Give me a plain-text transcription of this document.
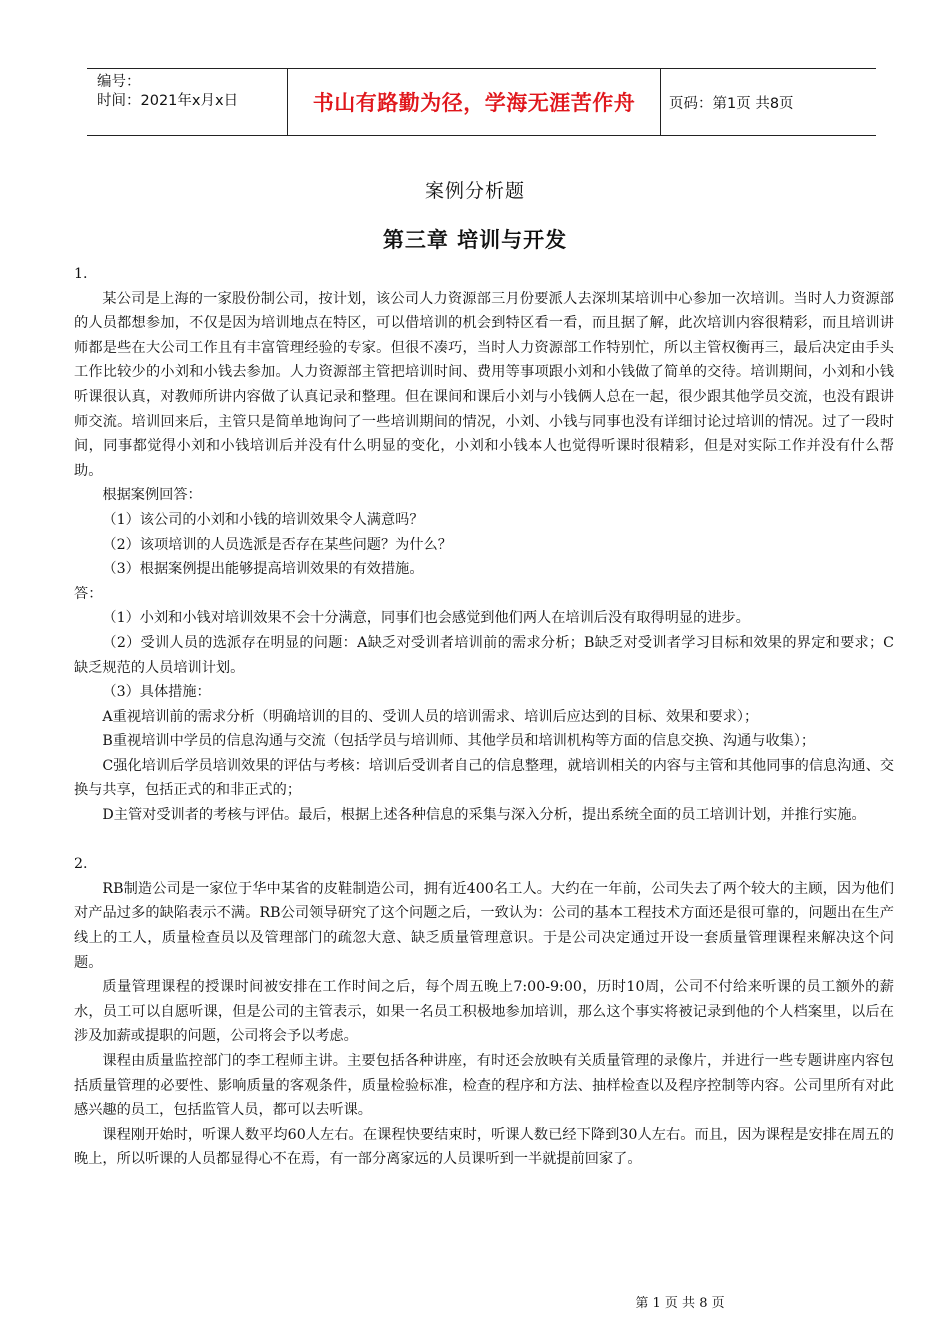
编号：
时间：2021年x月x日	书山有路勤为径，学海无涯苦作舟	页码：第1页 共8页
案例分析题
第三章 培训与开发

1.

某公司是上海的一家股份制公司，按计划，该公司人力资源部三月份要派人去深圳某培训中心参加一次培训。当时人力资源部的人员都想参加，不仅是因为培训地点在特区，可以借培训的机会到特区看一看，而且据了解，此次培训内容很精彩，而且培训讲师都是些在大公司工作且有丰富管理经验的专家。但很不凑巧，当时人力资源部工作特别忙，所以主管权衡再三，最后决定由手头工作比较少的小刘和小钱去参加。人力资源部主管把培训时间、费用等事项跟小刘和小钱做了简单的交待。培训期间，小刘和小钱听课很认真，对教师所讲内容做了认真记录和整理。但在课间和课后小刘与小钱俩人总在一起，很少跟其他学员交流，也没有跟讲师交流。培训回来后，主管只是简单地询问了一些培训期间的情况，小刘、小钱与同事也没有详细讨论过培训的情况。过了一段时间，同事都觉得小刘和小钱培训后并没有什么明显的变化，小刘和小钱本人也觉得听课时很精彩，但是对实际工作并没有什么帮助。

根据案例回答：

（1）该公司的小刘和小钱的培训效果令人满意吗？

（2）该项培训的人员选派是否存在某些问题？为什么？

（3）根据案例提出能够提高培训效果的有效措施。

答：

（1）小刘和小钱对培训效果不会十分满意，同事们也会感觉到他们两人在培训后没有取得明显的进步。

（2）受训人员的选派存在明显的问题：A缺乏对受训者培训前的需求分析；B缺乏对受训者学习目标和效果的界定和要求；C缺乏规范的人员培训计划。

（3）具体措施：

A重视培训前的需求分析（明确培训的目的、受训人员的培训需求、培训后应达到的目标、效果和要求）；

B重视培训中学员的信息沟通与交流（包括学员与培训师、其他学员和培训机构等方面的信息交换、沟通与收集）；

C强化培训后学员培训效果的评估与考核：培训后受训者自己的信息整理，就培训相关的内容与主管和其他同事的信息沟通、交换与共享，包括正式的和非正式的；

D主管对受训者的考核与评估。最后，根据上述各种信息的采集与深入分析，提出系统全面的员工培训计划，并推行实施。

2.

RB制造公司是一家位于华中某省的皮鞋制造公司，拥有近400名工人。大约在一年前，公司失去了两个较大的主顾，因为他们对产品过多的缺陷表示不满。RB公司领导研究了这个问题之后，一致认为：公司的基本工程技术方面还是很可靠的，问题出在生产线上的工人，质量检查员以及管理部门的疏忽大意、缺乏质量管理意识。于是公司决定通过开设一套质量管理课程来解决这个问题。

质量管理课程的授课时间被安排在工作时间之后，每个周五晚上7:00-9:00，历时10周，公司不付给来听课的员工额外的薪水，员工可以自愿听课，但是公司的主管表示，如果一名员工积极地参加培训，那么这个事实将被记录到他的个人档案里，以后在涉及加薪或提职的问题，公司将会予以考虑。

课程由质量监控部门的李工程师主讲。主要包括各种讲座，有时还会放映有关质量管理的录像片，并进行一些专题讲座内容包括质量管理的必要性、影响质量的客观条件，质量检验标准，检查的程序和方法、抽样检查以及程序控制等内容。公司里所有对此感兴趣的员工，包括监管人员，都可以去听课。

课程刚开始时，听课人数平均60人左右。在课程快要结束时，听课人数已经下降到30人左右。而且，因为课程是安排在周五的晚上，所以听课的人员都显得心不在焉，有一部分离家远的人员课听到一半就提前回家了。

第 1 页 共 8 页
